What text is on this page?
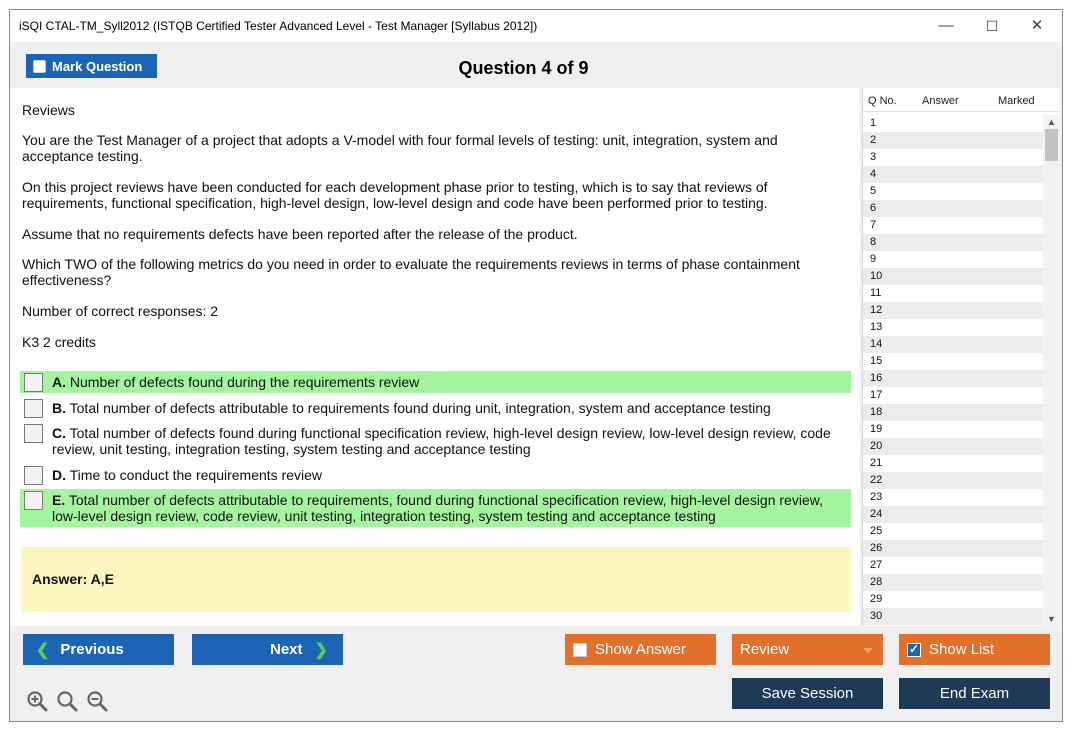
iSQI CTAL-TM_Syll2012 (ISTQB Certified Tester Advanced Level - Test Manager [Syllabus 2012])	—	☐	✕
Mark Question	Question 4 of 9
Reviews
You are the Test Manager of a project that adopts a V-model with four formal levels of testing: unit, integration, system and acceptance testing.
On this project reviews have been conducted for each development phase prior to testing, which is to say that reviews of requirements, functional specification, high-level design, low-level design and code have been performed prior to testing.
Assume that no requirements defects have been reported after the release of the product.
Which TWO of the following metrics do you need in order to evaluate the requirements reviews in terms of phase containment effectiveness?
Number of correct responses: 2
K3 2 credits
A. Number of defects found during the requirements review
B. Total number of defects attributable to requirements found during unit, integration, system and acceptance testing
C. Total number of defects found during functional specification review, high-level design review, low-level design review, code review, unit testing, integration testing, system testing and acceptance testing
D. Time to conduct the requirements review
E. Total number of defects attributable to requirements, found during functional specification review, high-level design review, low-level design review, code review, unit testing, integration testing, system testing and acceptance testing
Answer: A,E
Q No. Answer	Marked
1
2
3
4
5
6
7
8
9
10
11
12
13
14
15
16
17
18
19
20
21
22
23
24
25
26
27
28
29
30
▲
▼
❮ Previous	Next ❯	Show Answer	Review
✓	Show List
Save Session	End Exam
